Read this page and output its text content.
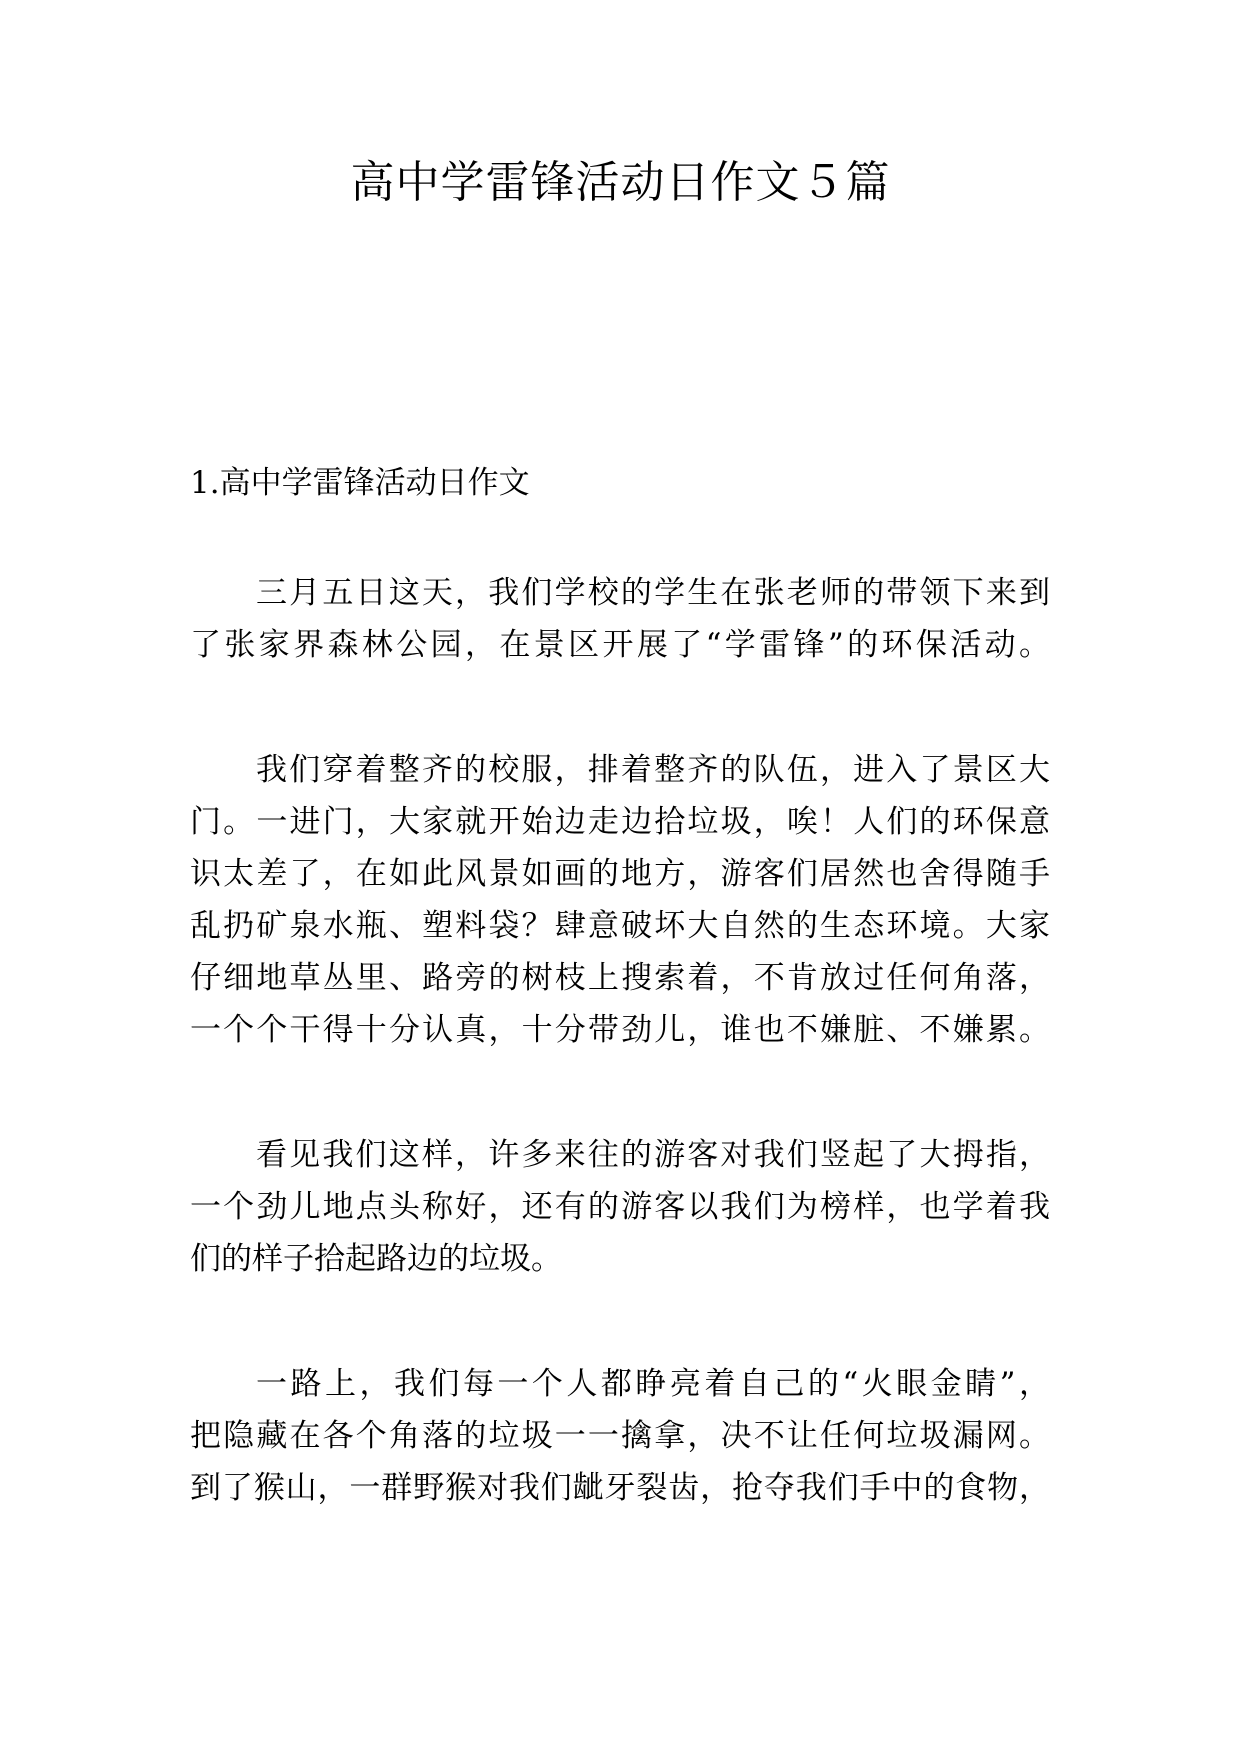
高中学雷锋活动日作文５篇
1.高中学雷锋活动日作文
三月五日这天，我们学校的学生在张老师的带领下来到
了张家界森林公园，在景区开展了“学雷锋”的环保活动。
我们穿着整齐的校服，排着整齐的队伍，进入了景区大
门。一进门，大家就开始边走边拾垃圾，唉！人们的环保意
识太差了，在如此风景如画的地方，游客们居然也舍得随手
乱扔矿泉水瓶、塑料袋？肆意破坏大自然的生态环境。大家
仔细地草丛里、路旁的树枝上搜索着，不肯放过任何角落，
一个个干得十分认真，十分带劲儿，谁也不嫌脏、不嫌累。
看见我们这样，许多来往的游客对我们竖起了大拇指，
一个劲儿地点头称好，还有的游客以我们为榜样，也学着我
们的样子拾起路边的垃圾。
一路上，我们每一个人都睁亮着自己的“火眼金睛”，
把隐藏在各个角落的垃圾一一擒拿，决不让任何垃圾漏网。
到了猴山，一群野猴对我们龇牙裂齿，抢夺我们手中的食物，
